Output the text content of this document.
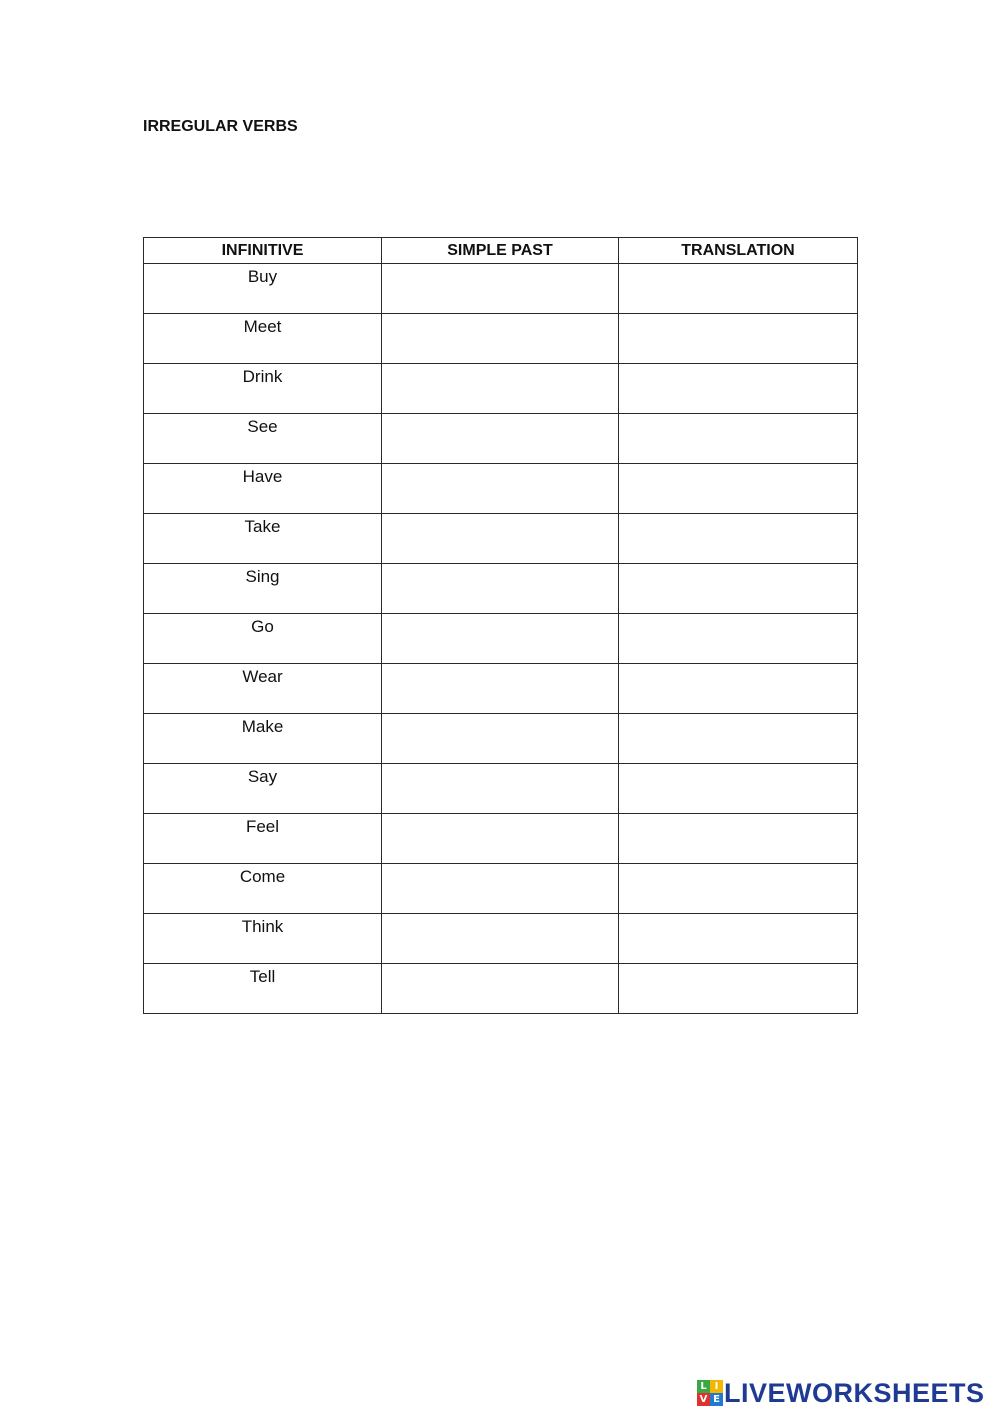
IRREGULAR VERBS
INFINITIVE	SIMPLE PAST	TRANSLATION

Buy		

Meet		

Drink		

See		

Have		

Take		

Sing		

Go		

Wear		

Make		

Say		

Feel		

Come		

Think		

Tell		

L I
V E LIVEWORKSHEETS
